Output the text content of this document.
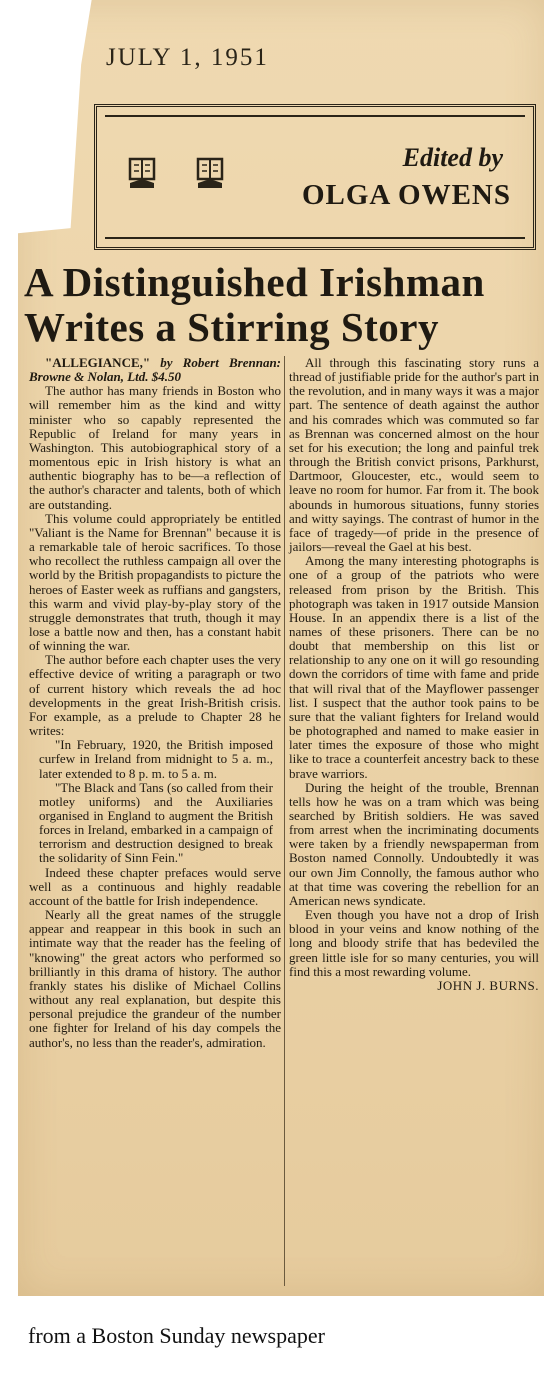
JULY 1, 1951
Edited by
OLGA OWENS
A Distinguished Irishman
Writes a Stirring Story

"ALLEGIANCE," by Robert Brennan: Browne & Nolan, Ltd. $4.50

The author has many friends in Boston who will remember him as the kind and witty minister who so capably represented the Republic of Ireland for many years in Washington. This autobiographical story of a momentous epic in Irish history is what an authentic biography has to be—a reflection of the author's character and talents, both of which are outstanding.

This volume could appropriately be entitled "Valiant is the Name for Brennan" because it is a remarkable tale of heroic sacrifices. To those who recollect the ruthless campaign all over the world by the British propagandists to picture the heroes of Easter week as ruffians and gangsters, this warm and vivid play-by-play story of the struggle demonstrates that truth, though it may lose a battle now and then, has a constant habit of winning the war.

The author before each chapter uses the very effective device of writing a paragraph or two of current history which reveals the ad hoc developments in the great Irish-British crisis. For example, as a prelude to Chapter 28 he writes:

"In February, 1920, the British imposed curfew in Ireland from midnight to 5 a. m., later extended to 8 p. m. to 5 a. m.

"The Black and Tans (so called from their motley uniforms) and the Auxiliaries organised in England to augment the British forces in Ireland, embarked in a campaign of terrorism and destruction designed to break the solidarity of Sinn Fein."

Indeed these chapter prefaces would serve well as a continuous and highly readable account of the battle for Irish independence.

Nearly all the great names of the struggle appear and reappear in this book in such an intimate way that the reader has the feeling of "knowing" the great actors who performed so brilliantly in this drama of history. The author frankly states his dislike of Michael Collins without any real explanation, but despite this personal prejudice the grandeur of the number one fighter for Ireland of his day compels the author's, no less than the reader's, admiration.

All through this fascinating story runs a thread of justifiable pride for the author's part in the revolution, and in many ways it was a major part. The sentence of death against the author and his comrades which was commuted so far as Brennan was concerned almost on the hour set for his execution; the long and painful trek through the British convict prisons, Parkhurst, Dartmoor, Gloucester, etc., would seem to leave no room for humor. Far from it. The book abounds in humorous situations, funny stories and witty sayings. The contrast of humor in the face of tragedy—of pride in the presence of jailors—reveal the Gael at his best.

Among the many interesting photographs is one of a group of the patriots who were released from prison by the British. This photograph was taken in 1917 outside Mansion House. In an appendix there is a list of the names of these prisoners. There can be no doubt that membership on this list or relationship to any one on it will go resounding down the corridors of time with fame and pride that will rival that of the Mayflower passenger list. I suspect that the author took pains to be sure that the valiant fighters for Ireland would be photographed and named to make easier in later times the exposure of those who might like to trace a counterfeit ancestry back to these brave warriors.

During the height of the trouble, Brennan tells how he was on a tram which was being searched by British soldiers. He was saved from arrest when the incriminating documents were taken by a friendly newspaperman from Boston named Connolly. Undoubtedly it was our own Jim Connolly, the famous author who at that time was covering the rebellion for an American news syndicate.

Even though you have not a drop of Irish blood in your veins and know nothing of the long and bloody strife that has bedeviled the green little isle for so many centuries, you will find this a most rewarding volume.

JOHN J. BURNS.

from a Boston Sunday newspaper
